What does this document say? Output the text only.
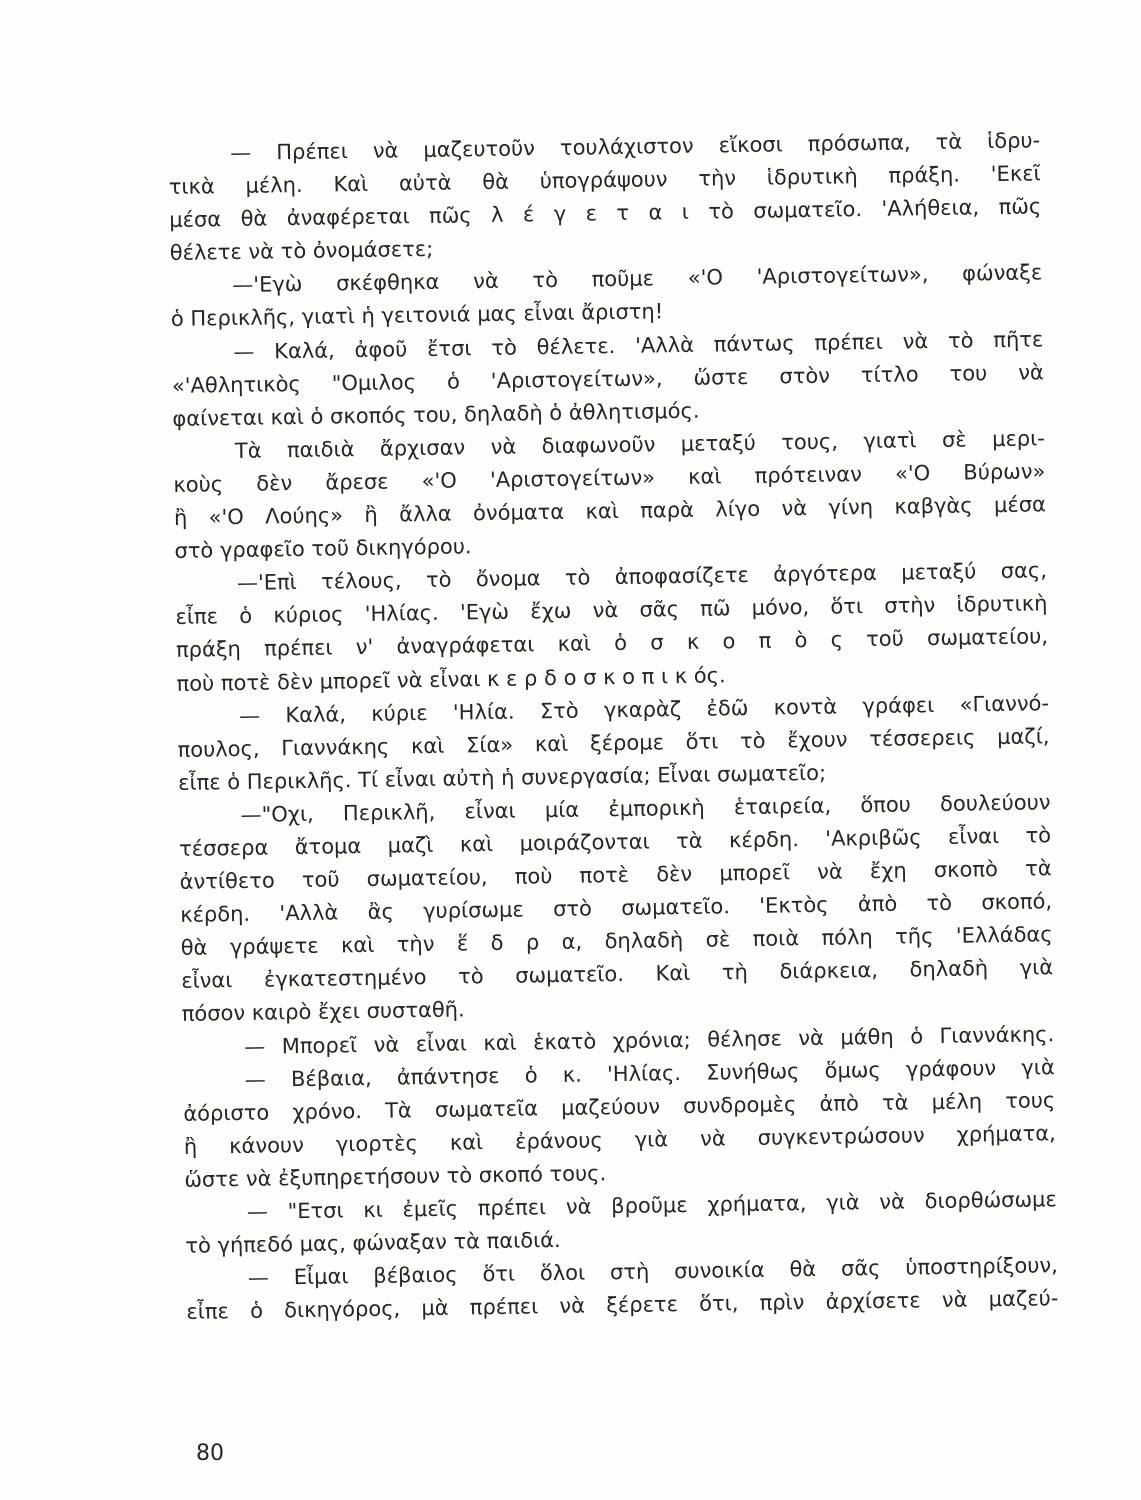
— Πρέπει νὰ μαζευτοῦν τουλάχιστον εἴκοσι πρόσωπα, τὰ ἱδρυ-
τικὰ μέλη. Καὶ αὐτὰ θὰ ὑπογράψουν τὴν ἱδρυτικὴ πράξη. 'Εκεῖ
μέσα θὰ ἀναφέρεται πῶς λ έ γ ε τ α ι τὸ σωματεῖο. 'Αλήθεια, πῶς
θέλετε νὰ τὸ ὀνομάσετε;
—'Εγὼ σκέφθηκα νὰ τὸ ποῦμε «'Ο 'Αριστογείτων», φώναξε
ὁ Περικλῆς, γιατὶ ἡ γειτονιά μας εἶναι ἄριστη!
— Καλά, ἀφοῦ ἔτσι τὸ θέλετε. 'Αλλὰ πάντως πρέπει νὰ τὸ πῆτε
«'Αθλητικὸς "Ομιλος ὁ 'Αριστογείτων», ὥστε στὸν τίτλο του νὰ
φαίνεται καὶ ὁ σκοπός του, δηλαδὴ ὁ ἀθλητισμός.
Τὰ παιδιὰ ἄρχισαν νὰ διαφωνοῦν μεταξύ τους, γιατὶ σὲ μερι-
κοὺς δὲν ἄρεσε «'Ο 'Αριστογείτων» καὶ πρότειναν «'Ο Βύρων»
ἢ «'Ο Λούης» ἢ ἄλλα ὀνόματα καὶ παρὰ λίγο νὰ γίνη καβγὰς μέσα
στὸ γραφεῖο τοῦ δικηγόρου.
—'Επὶ τέλους, τὸ ὄνομα τὸ ἀποφασίζετε ἀργότερα μεταξύ σας,
εἶπε ὁ κύριος 'Ηλίας. 'Εγὼ ἔχω νὰ σᾶς πῶ μόνο, ὅτι στὴν ἱδρυτικὴ
πράξη πρέπει ν' ἀναγράφεται καὶ ὁ σ κ ο π ὸ ς τοῦ σωματείου,
ποὺ ποτὲ δὲν μπορεῖ νὰ εἶναι κ ε ρ δ ο σ κ ο π ι κ ός.
— Καλά, κύριε 'Ηλία. Στὸ γκαρὰζ ἐδῶ κοντὰ γράφει «Γιαννό-
πουλος, Γιαννάκης καὶ Σία» καὶ ξέρομε ὅτι τὸ ἔχουν τέσσερεις μαζί,
εἶπε ὁ Περικλῆς. Τί εἶναι αὐτὴ ἡ συνεργασία; Εἶναι σωματεῖο;
—"Οχι, Περικλῆ, εἶναι μία ἐμπορικὴ ἑταιρεία, ὅπου δουλεύουν
τέσσερα ἄτομα μαζὶ καὶ μοιράζονται τὰ κέρδη. 'Ακριβῶς εἶναι τὸ
ἀντίθετο τοῦ σωματείου, ποὺ ποτὲ δὲν μπορεῖ νὰ ἔχη σκοπὸ τὰ
κέρδη. 'Αλλὰ ἂς γυρίσωμε στὸ σωματεῖο. 'Εκτὸς ἀπὸ τὸ σκοπό,
θὰ γράψετε καὶ τὴν ἕ δ ρ α, δηλαδὴ σὲ ποιὰ πόλη τῆς 'Ελλάδας
εἶναι ἐγκατεστημένο τὸ σωματεῖο. Καὶ τὴ διάρκεια, δηλαδὴ γιὰ
πόσον καιρὸ ἔχει συσταθῆ.
— Μπορεῖ νὰ εἶναι καὶ ἑκατὸ χρόνια; θέλησε νὰ μάθη ὁ Γιαννάκης.
— Βέβαια, ἀπάντησε ὁ κ. 'Ηλίας. Συνήθως ὅμως γράφουν γιὰ
ἀόριστο χρόνο. Τὰ σωματεῖα μαζεύουν συνδρομὲς ἀπὸ τὰ μέλη τους
ἢ κάνουν γιορτὲς καὶ ἐράνους γιὰ νὰ συγκεντρώσουν χρήματα,
ὥστε νὰ ἐξυπηρετήσουν τὸ σκοπό τους.
— "Ετσι κι ἐμεῖς πρέπει νὰ βροῦμε χρήματα, γιὰ νὰ διορθώσωμε
τὸ γήπεδό μας, φώναξαν τὰ παιδιά.
— Εἶμαι βέβαιος ὅτι ὅλοι στὴ συνοικία θὰ σᾶς ὑποστηρίξουν,
εἶπε ὁ δικηγόρος, μὰ πρέπει νὰ ξέρετε ὅτι, πρὶν ἀρχίσετε νὰ μαζεύ-

80
